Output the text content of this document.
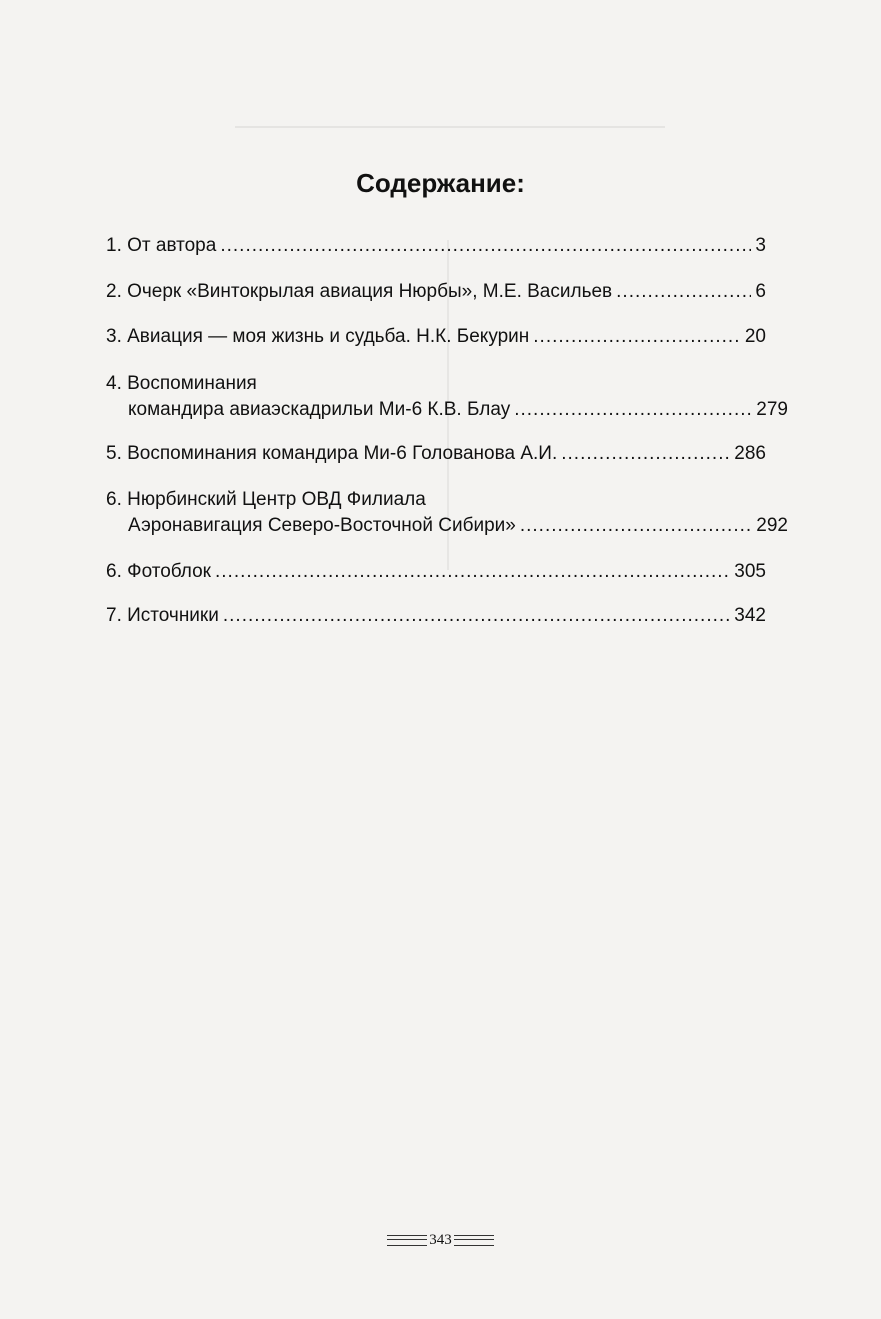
Содержание:
1. От автора .....	3
2. Очерк «Винтокрылая авиация Нюрбы», М.Е. Васильев .....	6
3. Авиация — моя жизнь и судьба. Н.К. Бекурин .....	20
4. Воспоминания
командира авиаэскадрильи Ми-6 К.В. Блау .....	279
5. Воспоминания командира Ми-6 Голованова А.И. .....	286
6. Нюрбинский Центр ОВД Филиала
Аэронавигация Северо-Восточной Сибири» .....	292
6. Фотоблок .....	305
7. Источники .....	342
343
